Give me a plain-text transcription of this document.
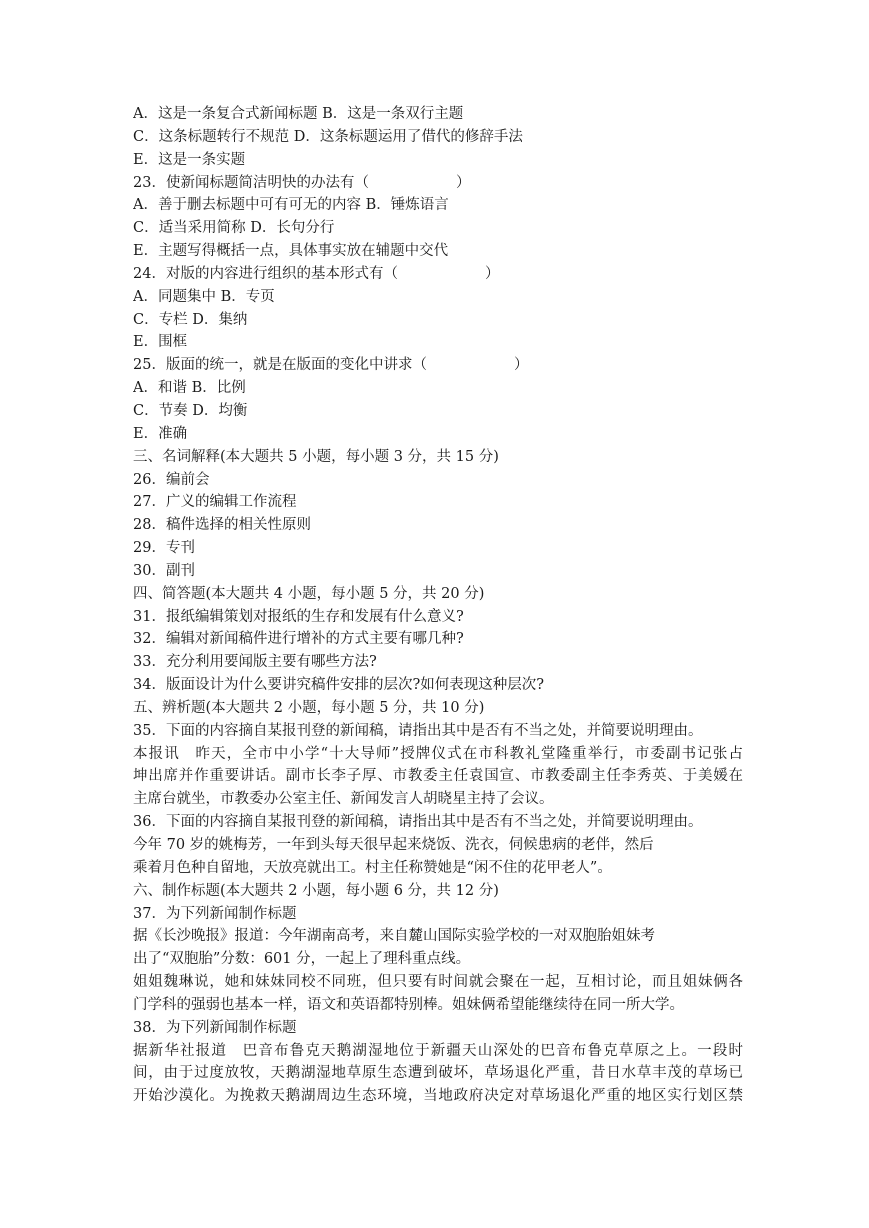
A．这是一条复合式新闻标题 B．这是一条双行主题
C．这条标题转行不规范 D．这条标题运用了借代的修辞手法
E．这是一条实题
23．使新闻标题简洁明快的办法有（　　　　　　）
A．善于删去标题中可有可无的内容 B．锤炼语言
C．适当采用简称 D．长句分行
E．主题写得概括一点，具体事实放在辅题中交代
24．对版的内容进行组织的基本形式有（　　　　　　）
A．同题集中 B．专页
C．专栏 D．集纳
E．围框
25．版面的统一，就是在版面的变化中讲求（　　　　　　）
A．和谐 B．比例
C．节奏 D．均衡
E．准确
三、名词解释(本大题共 5 小题，每小题 3 分，共 15 分)
26．编前会
27．广义的编辑工作流程
28．稿件选择的相关性原则
29．专刊
30．副刊
四、简答题(本大题共 4 小题，每小题 5 分，共 20 分)
31．报纸编辑策划对报纸的生存和发展有什么意义?
32．编辑对新闻稿件进行增补的方式主要有哪几种?
33．充分利用要闻版主要有哪些方法?
34．版面设计为什么要讲究稿件安排的层次?如何表现这种层次?
五、辨析题(本大题共 2 小题，每小题 5 分，共 10 分)
35．下面的内容摘自某报刊登的新闻稿，请指出其中是否有不当之处，并简要说明理由。
本报讯　昨天，全市中小学“十大导师”授牌仪式在市科教礼堂隆重举行，市委副书记张占
坤出席并作重要讲话。副市长李子厚、市教委主任袁国宣、市教委副主任李秀英、于美媛在
主席台就坐，市教委办公室主任、新闻发言人胡晓星主持了会议。
36．下面的内容摘自某报刊登的新闻稿，请指出其中是否有不当之处，并简要说明理由。
今年 70 岁的姚梅芳，一年到头每天很早起来烧饭、洗衣，伺候患病的老伴，然后
乘着月色种自留地，天放亮就出工。村主任称赞她是“闲不住的花甲老人”。
六、制作标题(本大题共 2 小题，每小题 6 分，共 12 分)
37．为下列新闻制作标题
据《长沙晚报》报道：今年湖南高考，来自麓山国际实验学校的一对双胞胎姐妹考
出了“双胞胎”分数：601 分，一起上了理科重点线。
姐姐魏琳说，她和妹妹同校不同班，但只要有时间就会聚在一起，互相讨论，而且姐妹俩各
门学科的强弱也基本一样，语文和英语都特别棒。姐妹俩希望能继续待在同一所大学。
38．为下列新闻制作标题
据新华社报道　巴音布鲁克天鹅湖湿地位于新疆天山深处的巴音布鲁克草原之上。一段时
间，由于过度放牧，天鹅湖湿地草原生态遭到破坏，草场退化严重，昔日水草丰茂的草场已
开始沙漠化。为挽救天鹅湖周边生态环境，当地政府决定对草场退化严重的地区实行划区禁
